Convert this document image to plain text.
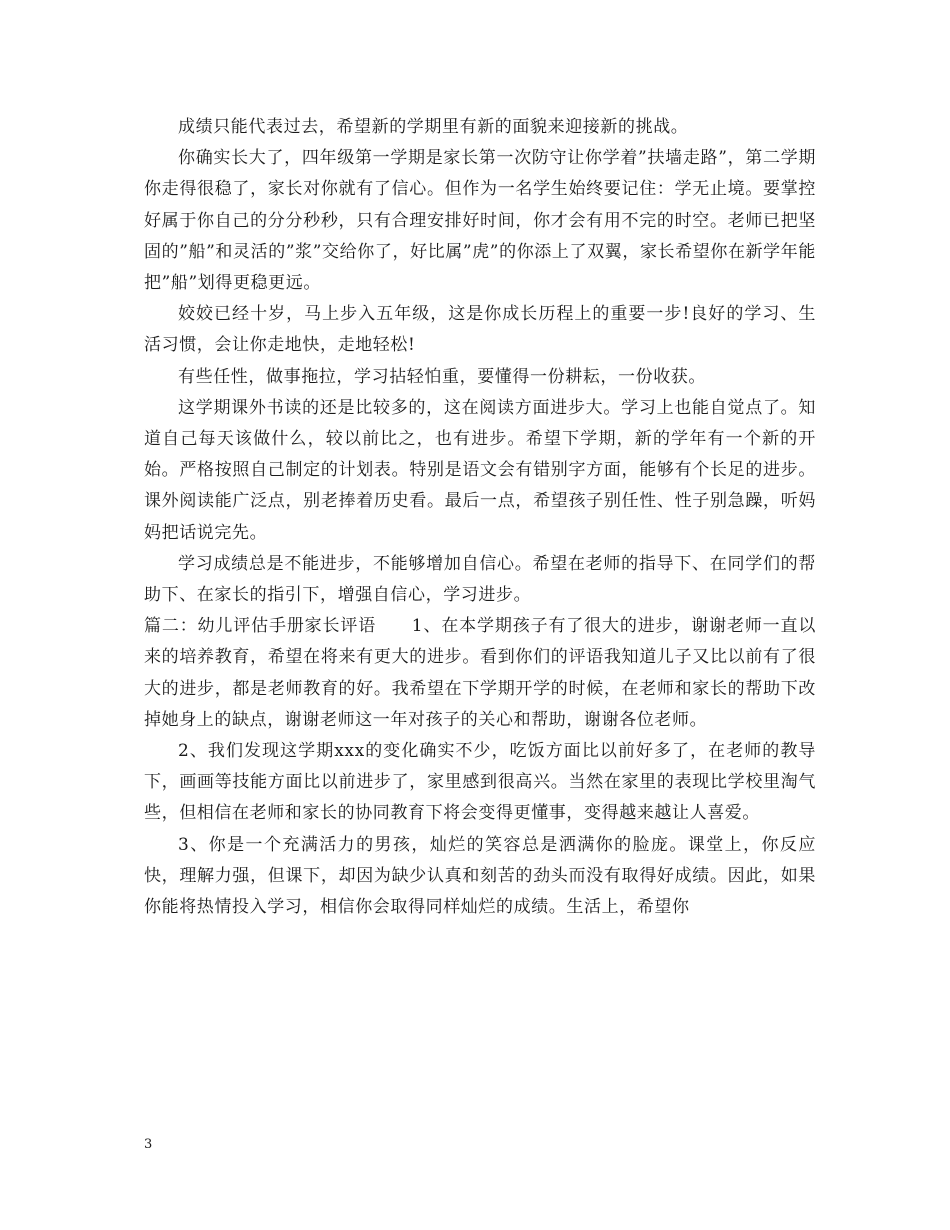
成绩只能代表过去，希望新的学期里有新的面貌来迎接新的挑战。

你确实长大了，四年级第一学期是家长第一次防守让你学着”扶墙走路”，第二学期你走得很稳了，家长对你就有了信心。但作为一名学生始终要记住：学无止境。要掌控好属于你自己的分分秒秒，只有合理安排好时间，你才会有用不完的时空。老师已把坚固的”船”和灵活的”浆”交给你了，好比属”虎”的你添上了双翼，家长希望你在新学年能把”船”划得更稳更远。

姣姣已经十岁，马上步入五年级，这是你成长历程上的重要一步!良好的学习、生活习惯，会让你走地快，走地轻松!

有些任性，做事拖拉，学习拈轻怕重，要懂得一份耕耘，一份收获。

这学期课外书读的还是比较多的，这在阅读方面进步大。学习上也能自觉点了。知道自己每天该做什么，较以前比之，也有进步。希望下学期，新的学年有一个新的开始。严格按照自己制定的计划表。特别是语文会有错别字方面，能够有个长足的进步。课外阅读能广泛点，别老捧着历史看。最后一点，希望孩子别任性、性子别急躁，听妈妈把话说完先。

学习成绩总是不能进步，不能够增加自信心。希望在老师的指导下、在同学们的帮助下、在家长的指引下，增强自信心，学习进步。

篇二：幼儿评估手册家长评语　　1、在本学期孩子有了很大的进步，谢谢老师一直以来的培养教育，希望在将来有更大的进步。看到你们的评语我知道儿子又比以前有了很大的进步，都是老师教育的好。我希望在下学期开学的时候，在老师和家长的帮助下改掉她身上的缺点，谢谢老师这一年对孩子的关心和帮助，谢谢各位老师。

2、我们发现这学期xxx的变化确实不少，吃饭方面比以前好多了，在老师的教导下，画画等技能方面比以前进步了，家里感到很高兴。当然在家里的表现比学校里淘气些，但相信在老师和家长的协同教育下将会变得更懂事，变得越来越让人喜爱。

3、你是一个充满活力的男孩，灿烂的笑容总是洒满你的脸庞。课堂上，你反应快，理解力强，但课下，却因为缺少认真和刻苦的劲头而没有取得好成绩。因此，如果你能将热情投入学习，相信你会取得同样灿烂的成绩。生活上，希望你

3
